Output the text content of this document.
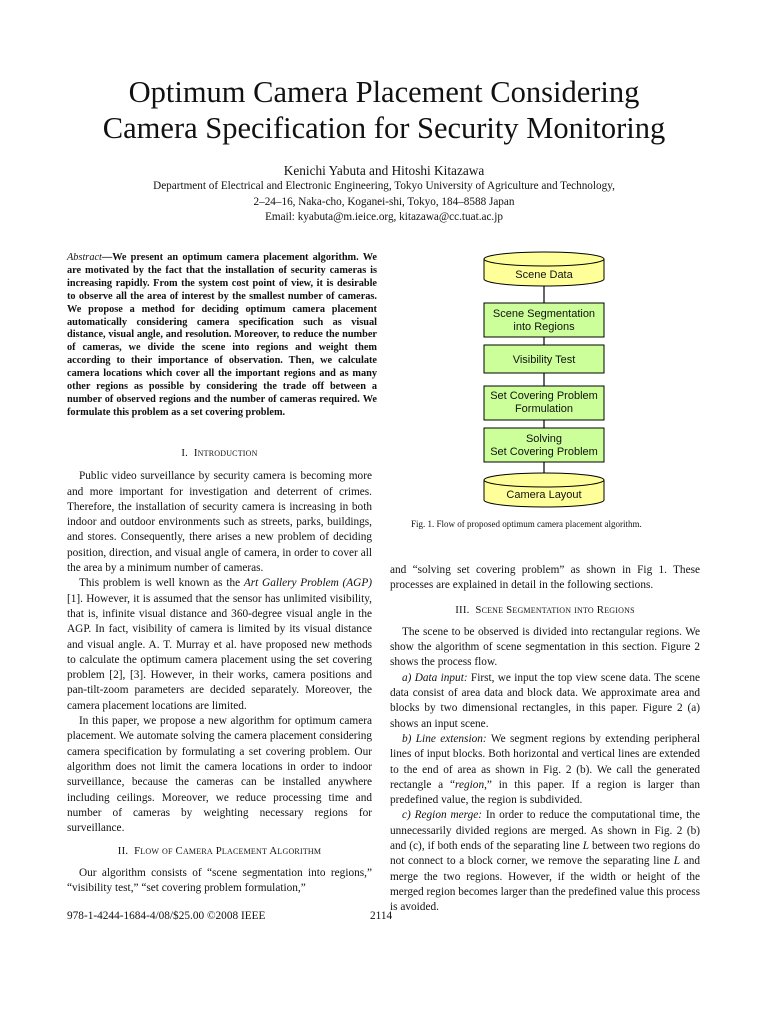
Optimum Camera Placement Considering
Camera Specification for Security Monitoring
Kenichi Yabuta and Hitoshi Kitazawa
Department of Electrical and Electronic Engineering, Tokyo University of Agriculture and Technology,
2–24–16, Naka-cho, Koganei-shi, Tokyo, 184–8588 Japan
Email: kyabuta@m.ieice.org, kitazawa@cc.tuat.ac.jp
Abstract—We present an optimum camera placement algorithm. We are motivated by the fact that the installation of security cameras is increasing rapidly. From the system cost point of view, it is desirable to observe all the area of interest by the smallest number of cameras. We propose a method for deciding optimum camera placement automatically considering camera specification such as visual distance, visual angle, and resolution. Moreover, to reduce the number of cameras, we divide the scene into regions and weight them according to their importance of observation. Then, we calculate camera locations which cover all the important regions and as many other regions as possible by considering the trade off between a number of observed regions and the number of cameras required. We formulate this problem as a set covering problem.

I. Introduction

Public video surveillance by security camera is becoming more and more important for investigation and deterrent of crimes. Therefore, the installation of security camera is increasing in both indoor and outdoor environments such as streets, parks, buildings, and stores. Consequently, there arises a new problem of deciding position, direction, and visual angle of camera, in order to cover all the area by a minimum number of cameras.

This problem is well known as the Art Gallery Problem (AGP) [1]. However, it is assumed that the sensor has unlimited visibility, that is, infinite visual distance and 360-degree visual angle in the AGP. In fact, visibility of camera is limited by its visual distance and visual angle. A. T. Murray et al. have proposed new methods to calculate the optimum camera placement using the set covering problem [2], [3]. However, in their works, camera positions and pan-tilt-zoom parameters are decided separately. Moreover, the camera placement locations are limited.

In this paper, we propose a new algorithm for optimum camera placement. We automate solving the camera placement considering camera specification by formulating a set covering problem. Our algorithm does not limit the camera locations in order to indoor surveillance, because the cameras can be installed anywhere including ceilings. Moreover, we reduce processing time and number of cameras by weighting necessary regions for surveillance.

II. Flow of Camera Placement Algorithm

Our algorithm consists of “scene segmentation into regions,” “visibility test,” “set covering problem formulation,”

Scene Data
Scene Segmentation
into Regions
Visibility Test
Set Covering Problem
Formulation
Solving
Set Covering Problem
Camera Layout
Fig. 1. Flow of proposed optimum camera placement algorithm.

and “solving set covering problem” as shown in Fig 1. These processes are explained in detail in the following sections.

III. Scene Segmentation into Regions

The scene to be observed is divided into rectangular regions. We show the algorithm of scene segmentation in this section. Figure 2 shows the process flow.

a) Data input: First, we input the top view scene data. The scene data consist of area data and block data. We approximate area and blocks by two dimensional rectangles, in this paper. Figure 2 (a) shows an input scene.

b) Line extension: We segment regions by extending peripheral lines of input blocks. Both horizontal and vertical lines are extended to the end of area as shown in Fig. 2 (b). We call the generated rectangle a “region,” in this paper. If a region is larger than predefined value, the region is subdivided.

c) Region merge: In order to reduce the computational time, the unnecessarily divided regions are merged. As shown in Fig. 2 (b) and (c), if both ends of the separating line L between two regions do not connect to a block corner, we remove the separating line L and merge the two regions. However, if the width or height of the merged region becomes larger than the predefined value this process is avoided.

978-1-4244-1684-4/08/$25.00 ©2008 IEEE	2114
